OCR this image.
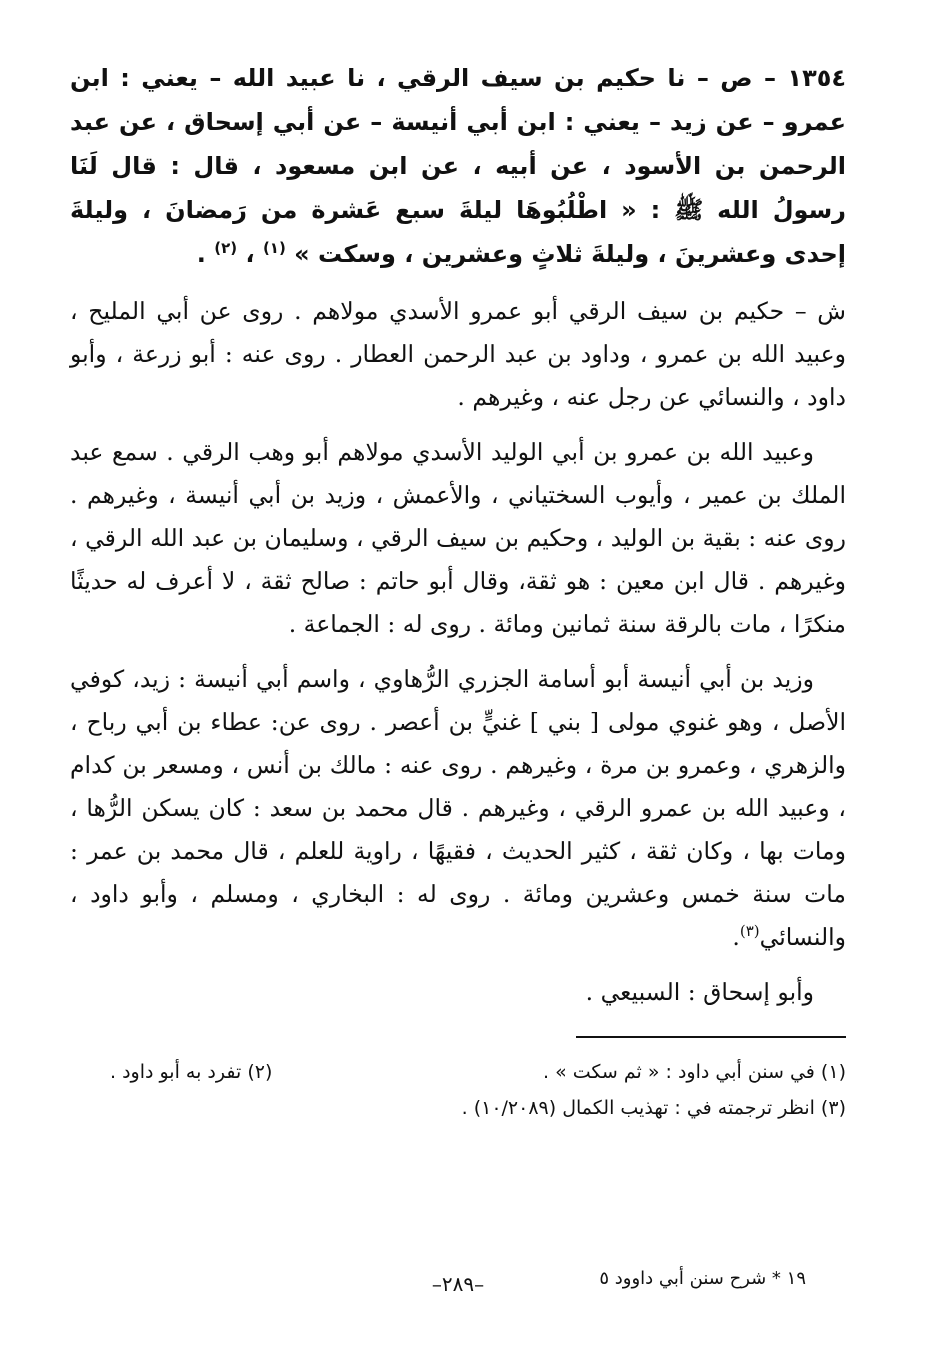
١٣٥٤ – ص – نا حكيم بن سيف الرقي ، نا عبيد الله – يعني : ابن عمرو – عن زيد – يعني : ابن أبي أنيسة – عن أبي إسحاق ، عن عبد الرحمن بن الأسود ، عن أبيه ، عن ابن مسعود ، قال : قال لَنَا رسولُ الله ﷺ : « اطْلُبُوهَا ليلةَ سبع عَشرة من رَمضانَ ، وليلةَ إحدى وعشرينَ ، وليلةَ ثلاثٍ وعشرين ، وسكت » $^{(١)}$ ، $^{(٢)}$ .

ش – حكيم بن سيف الرقي أبو عمرو الأسدي مولاهم . روى عن أبي المليح ، وعبيد الله بن عمرو ، وداود بن عبد الرحمن العطار . روى عنه : أبو زرعة ، وأبو داود ، والنسائي عن رجل عنه ، وغيرهم .

وعبيد الله بن عمرو بن أبي الوليد الأسدي مولاهم أبو وهب الرقي . سمع عبد الملك بن عمير ، وأيوب السختياني ، والأعمش ، وزيد بن أبي أنيسة ، وغيرهم . روى عنه : بقية بن الوليد ، وحكيم بن سيف الرقي ، وسليمان بن عبد الله الرقي ، وغيرهم . قال ابن معين : هو ثقة، وقال أبو حاتم : صالح ثقة ، لا أعرف له حديثًا منكرًا ، مات بالرقة سنة ثمانين ومائة . روى له : الجماعة .

وزيد بن أبي أنيسة أبو أسامة الجزري الرُّهاوي ، واسم أبي أنيسة : زيد، كوفي الأصل ، وهو غنوي مولى [ بني ] غنيٍّ بن أعصر . روى عن: عطاء بن أبي رباح ، والزهري ، وعمرو بن مرة ، وغيرهم . روى عنه : مالك بن أنس ، ومسعر بن كدام ، وعبيد الله بن عمرو الرقي ، وغيرهم . قال محمد بن سعد : كان يسكن الرُّها ، ومات بها ، وكان ثقة ، كثير الحديث ، فقيهًا ، راوية للعلم ، قال محمد بن عمر : مات سنة خمس وعشرين ومائة . روى له : البخاري ، ومسلم ، وأبو داود ، والنسائي$^{(٣)}$.

وأبو إسحاق : السبيعي .

(١) في سنن أبي داود : « ثم سكت » .
(٢) تفرد به أبو داود .
(٣) انظر ترجمته في : تهذيب الكمال (١٠/٢٠٨٩) .
١٩ * شرح سنن أبي داوود ٥
–٢٨٩–
